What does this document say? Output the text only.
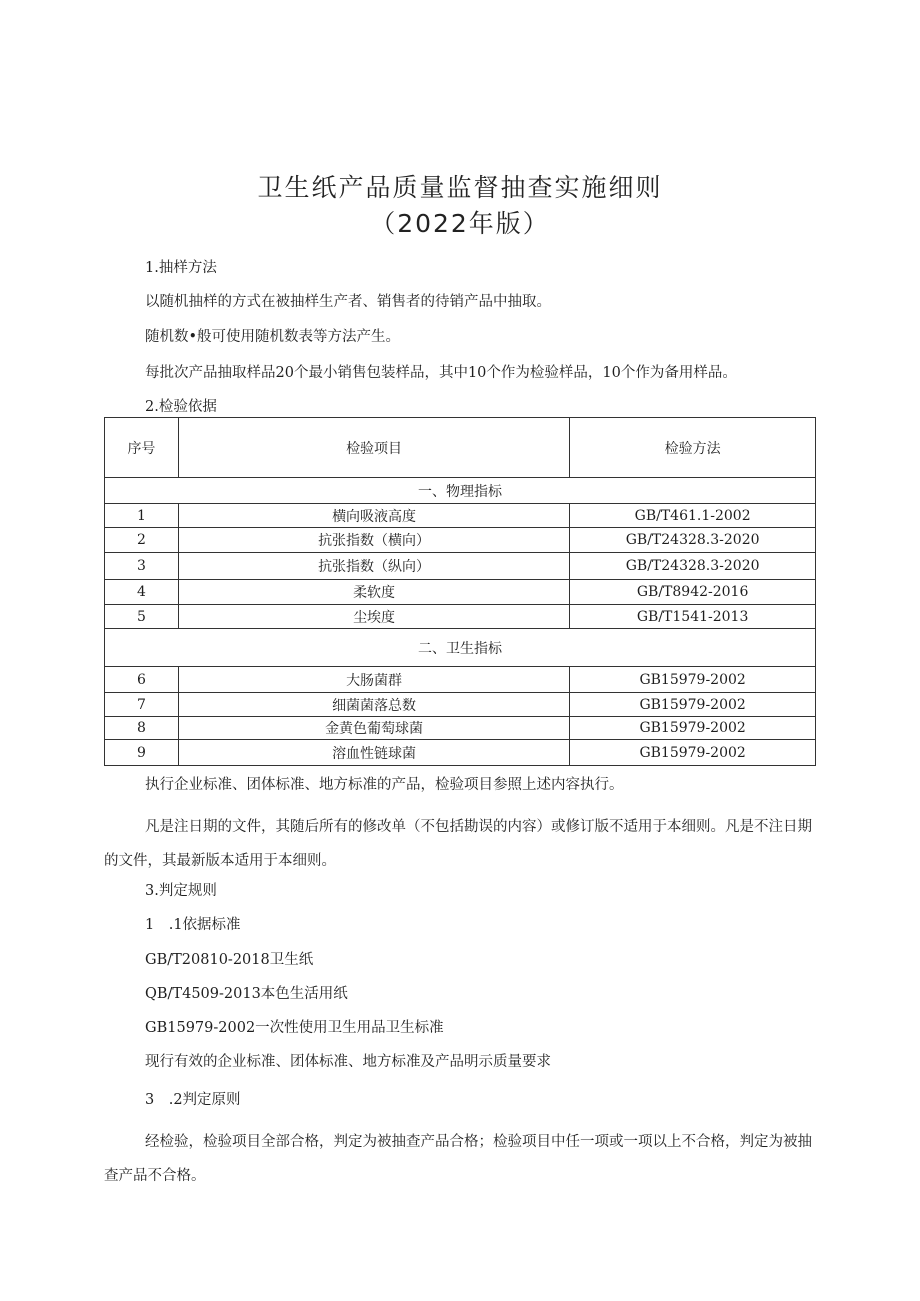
卫生纸产品质量监督抽查实施细则
（2022年版）
1.抽样方法
以随机抽样的方式在被抽样生产者、销售者的待销产品中抽取。
随机数•般可使用随机数表等方法产生。
每批次产品抽取样品20个最小销售包装样品，其中10个作为检验样品，10个作为备用样品。
2.检验依据
序号	检验项目	检验方法
一、物理指标		
1	横向吸液高度	GB/T461.1-2002
2	抗张指数（横向）	GB/T24328.3-2020
3	抗张指数（纵向）	GB/T24328.3-2020
4	柔软度	GB/T8942-2016
5	尘埃度	GB/T1541-2013
二、卫生指标		
6	大肠菌群	GB15979-2002
7	细菌菌落总数	GB15979-2002
8	金黄色葡萄球菌	GB15979-2002
9	溶血性链球菌	GB15979-2002
执行企业标准、团体标准、地方标准的产品，检验项目参照上述内容执行。
凡是注日期的文件，其随后所有的修改单（不包括勘误的内容）或修订版不适用于本细则。凡是不注日期的文件，其最新版本适用于本细则。
3.判定规则
1　.1依据标准
GB/T20810-2018卫生纸
QB/T4509-2013本色生活用纸
GB15979-2002一次性使用卫生用品卫生标准
现行有效的企业标准、团体标准、地方标准及产品明示质量要求
3　.2判定原则
经检验，检验项目全部合格，判定为被抽查产品合格；检验项目中任一项或一项以上不合格，判定为被抽查产品不合格。
